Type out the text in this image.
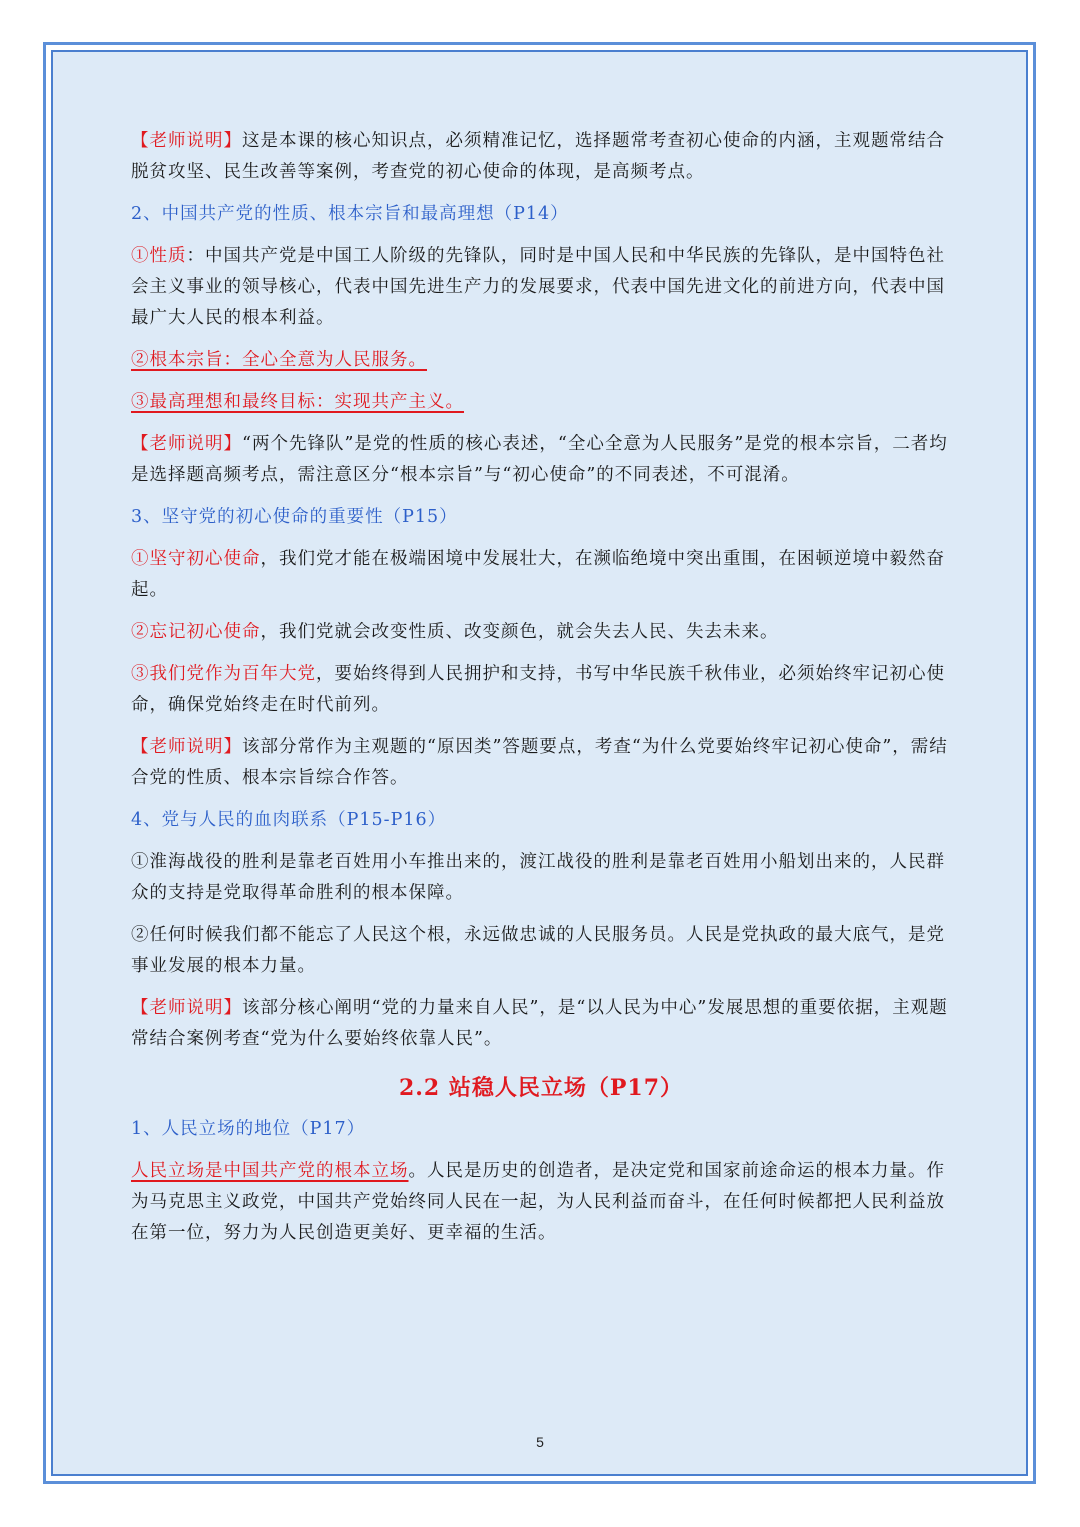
【老师说明】这是本课的核心知识点，必须精准记忆，选择题常考查初心使命的内涵，主观题常结合脱贫攻坚、民生改善等案例，考查党的初心使命的体现，是高频考点。

2、中国共产党的性质、根本宗旨和最高理想（P14）

①性质：中国共产党是中国工人阶级的先锋队，同时是中国人民和中华民族的先锋队，是中国特色社会主义事业的领导核心，代表中国先进生产力的发展要求，代表中国先进文化的前进方向，代表中国最广大人民的根本利益。

②根本宗旨：全心全意为人民服务。

③最高理想和最终目标：实现共产主义。

【老师说明】“两个先锋队”是党的性质的核心表述，“全心全意为人民服务”是党的根本宗旨，二者均是选择题高频考点，需注意区分“根本宗旨”与“初心使命”的不同表述，不可混淆。

3、坚守党的初心使命的重要性（P15）

①坚守初心使命，我们党才能在极端困境中发展壮大，在濒临绝境中突出重围，在困顿逆境中毅然奋起。

②忘记初心使命，我们党就会改变性质、改变颜色，就会失去人民、失去未来。

③我们党作为百年大党，要始终得到人民拥护和支持，书写中华民族千秋伟业，必须始终牢记初心使命，确保党始终走在时代前列。

【老师说明】该部分常作为主观题的“原因类”答题要点，考查“为什么党要始终牢记初心使命”，需结合党的性质、根本宗旨综合作答。

4、党与人民的血肉联系（P15-P16）

①淮海战役的胜利是靠老百姓用小车推出来的，渡江战役的胜利是靠老百姓用小船划出来的，人民群众的支持是党取得革命胜利的根本保障。

②任何时候我们都不能忘了人民这个根，永远做忠诚的人民服务员。人民是党执政的最大底气，是党事业发展的根本力量。

【老师说明】该部分核心阐明“党的力量来自人民”，是“以人民为中心”发展思想的重要依据，主观题常结合案例考查“党为什么要始终依靠人民”。

2.2 站稳人民立场（P17）

1、人民立场的地位（P17）

人民立场是中国共产党的根本立场。人民是历史的创造者，是决定党和国家前途命运的根本力量。作为马克思主义政党，中国共产党始终同人民在一起，为人民利益而奋斗，在任何时候都把人民利益放在第一位，努力为人民创造更美好、更幸福的生活。

5
